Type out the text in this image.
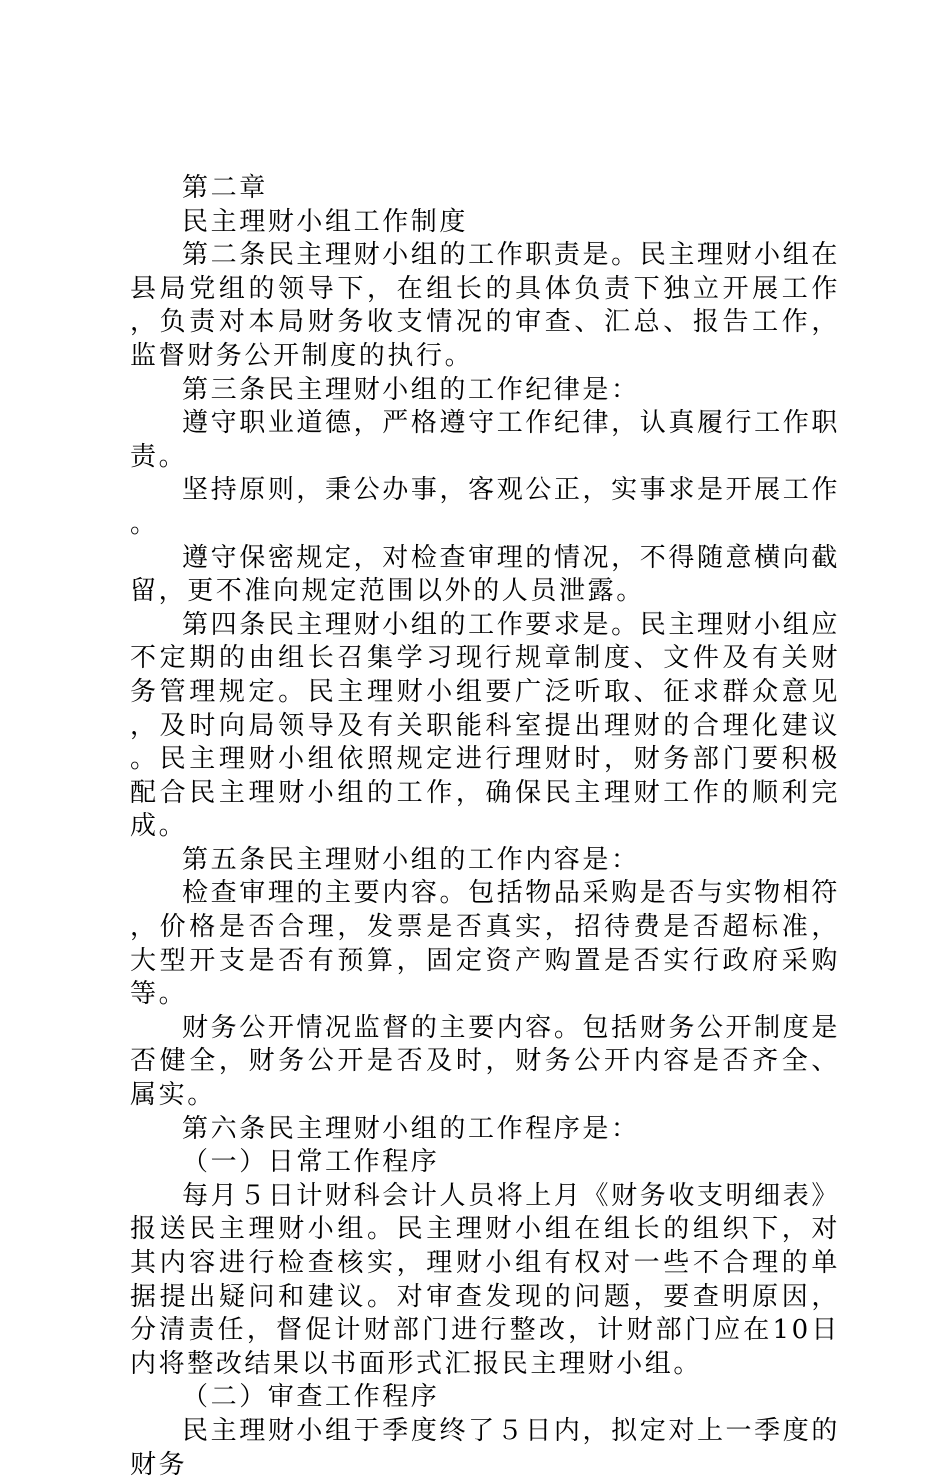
第二章

民主理财小组工作制度

第二条民主理财小组的工作职责是。民主理财小组在县局党组的领导下，在组长的具体负责下独立开展工作，负责对本局财务收支情况的审查、汇总、报告工作，监督财务公开制度的执行。

第三条民主理财小组的工作纪律是：

遵守职业道德，严格遵守工作纪律，认真履行工作职责。

坚持原则，秉公办事，客观公正，实事求是开展工作。

遵守保密规定，对检查审理的情况，不得随意横向截留，更不准向规定范围以外的人员泄露。

第四条民主理财小组的工作要求是。民主理财小组应不定期的由组长召集学习现行规章制度、文件及有关财务管理规定。民主理财小组要广泛听取、征求群众意见，及时向局领导及有关职能科室提出理财的合理化建议。民主理财小组依照规定进行理财时，财务部门要积极配合民主理财小组的工作，确保民主理财工作的顺利完成。

第五条民主理财小组的工作内容是：

检查审理的主要内容。包括物品采购是否与实物相符，价格是否合理，发票是否真实，招待费是否超标准，大型开支是否有预算，固定资产购置是否实行政府采购等。

财务公开情况监督的主要内容。包括财务公开制度是否健全，财务公开是否及时，财务公开内容是否齐全、属实。

第六条民主理财小组的工作程序是：

（一）日常工作程序

每月５日计财科会计人员将上月《财务收支明细表》报送民主理财小组。民主理财小组在组长的组织下，对其内容进行检查核实，理财小组有权对一些不合理的单据提出疑问和建议。对审查发现的问题，要查明原因，分清责任，督促计财部门进行整改，计财部门应在10日内将整改结果以书面形式汇报民主理财小组。

（二）审查工作程序

民主理财小组于季度终了５日内，拟定对上一季度的财务
